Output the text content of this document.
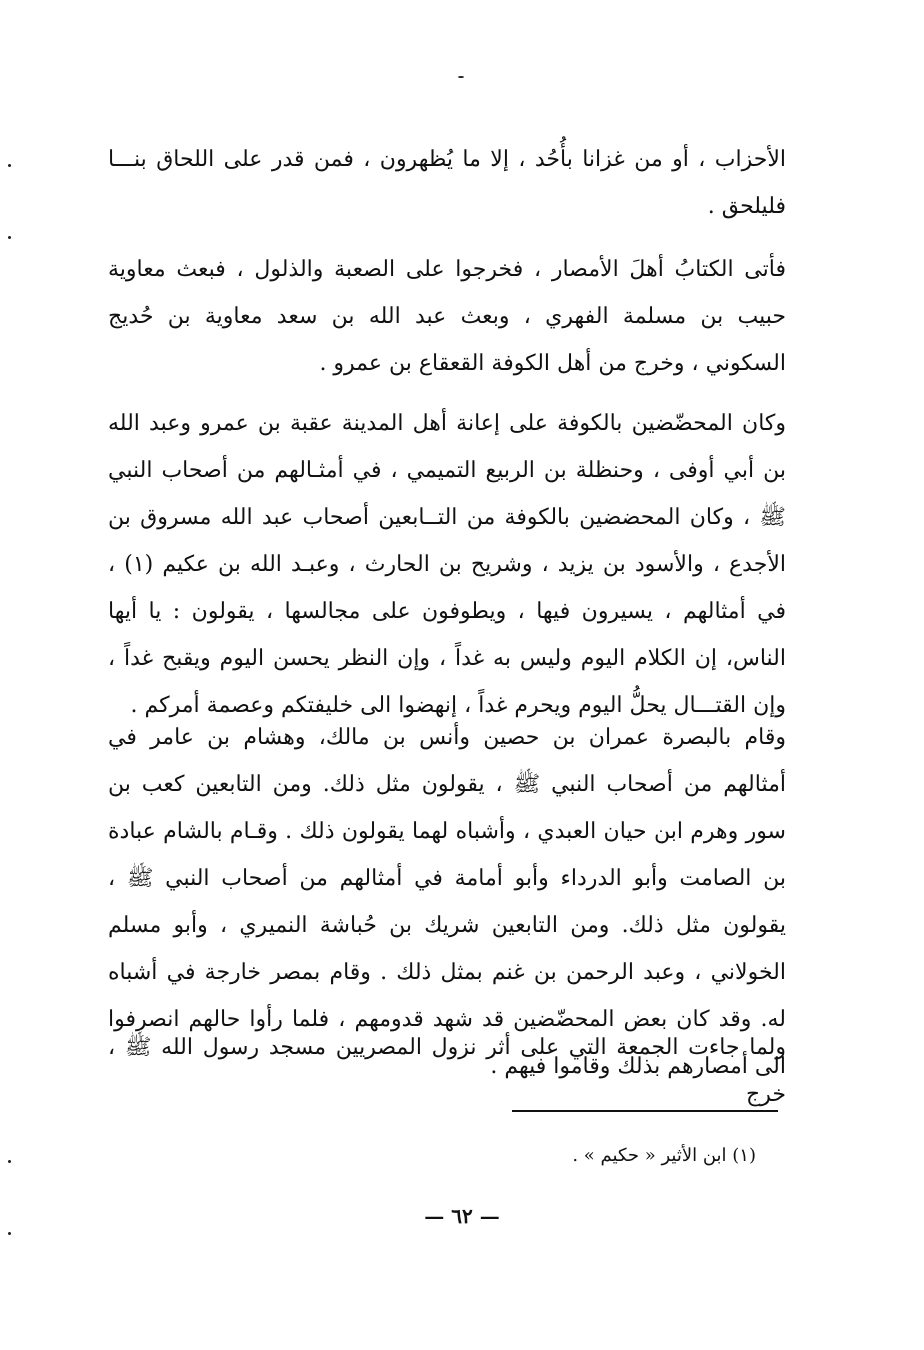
الأحزاب ، أو من غزانا بأُحُد ، إلا ما يُظهرون ، فمن قدر على اللحاق بنـــا فليلحق .

فأتى الكتابُ أهلَ الأمصار ، فخرجوا على الصعبة والذلول ، فبعث معاوية حبيب بن مسلمة الفهري ، وبعث عبد الله بن سعد معاوية بن حُديج السكوني ، وخرج من أهل الكوفة القعقاع بن عمرو .

وكان المحضّضين بالكوفة على إعانة أهل المدينة عقبة بن عمرو وعبد الله بن أبي أوفى ، وحنظلة بن الربيع التميمي ، في أمثـالهم من أصحاب النبي ﷺ ، وكان المحضضين بالكوفة من التــابعين أصحاب عبد الله مسروق بن الأجدع ، والأسود بن يزيد ، وشريح بن الحارث ، وعبـد الله بن عكيم (١) ، في أمثالهم ، يسيرون فيها ، ويطوفون على مجالسها ، يقولون : يا أيها الناس، إن الكلام اليوم وليس به غداً ، وإن النظر يحسن اليوم ويقبح غداً ، وإن القتـــال يحلُّ اليوم ويحرم غداً ، إنهضوا الى خليفتكم وعصمة أمركم .

وقام بالبصرة عمران بن حصين وأنس بن مالك، وهشام بن عامر في أمثالهم من أصحاب النبي ﷺ ، يقولون مثل ذلك. ومن التابعين كعب بن سور وهرم ابن حيان العبدي ، وأشباه لهما يقولون ذلك . وقـام بالشام عبادة بن الصامت وأبو الدرداء وأبو أمامة في أمثالهم من أصحاب النبي ﷺ ، يقولون مثل ذلك. ومن التابعين شريك بن حُباشة النميري ، وأبو مسلم الخولاني ، وعبد الرحمن بن غنم بمثل ذلك . وقام بمصر خارجة في أشباه له. وقد كان بعض المحضّضين قد شهد قدومهم ، فلما رأوا حالهم انصرفوا الى أمصارهم بذلك وقاموا فيهم .

ولما جاءت الجمعة التي على أثر نزول المصريين مسجد رسول الله ﷺ ، خرج

(١) ابن الأثير « حكيم » .
— ٦٢ —
